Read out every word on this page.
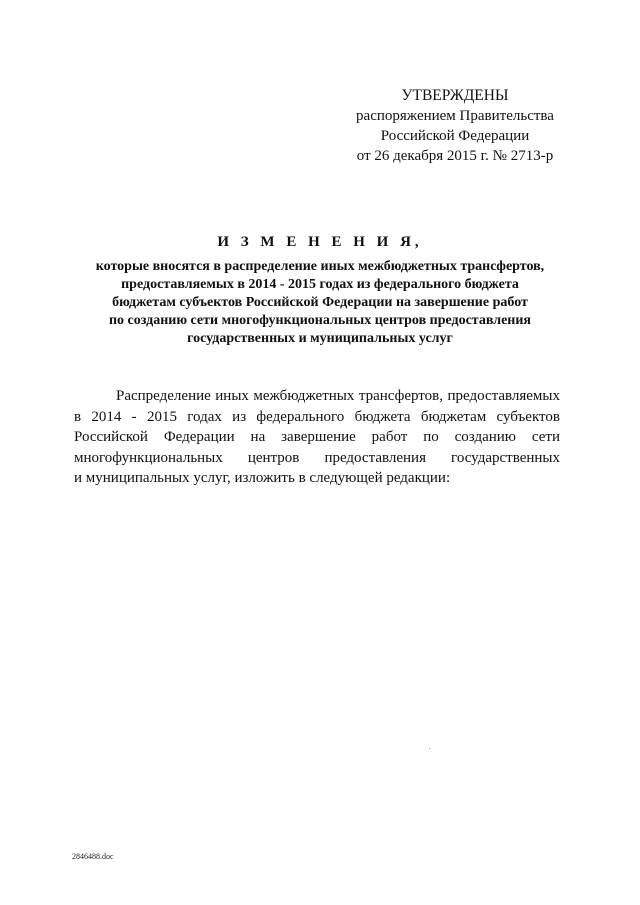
УТВЕРЖДЕНЫ
распоряжением Правительства
Российской Федерации
от 26 декабря 2015 г. № 2713-р
И З М Е Н Е Н И Я,
которые вносятся в распределение иных межбюджетных трансфертов,
предоставляемых в 2014 - 2015 годах из федерального бюджета
бюджетам субъектов Российской Федерации на завершение работ
по созданию сети многофункциональных центров предоставления
государственных и муниципальных услуг
Распределение иных межбюджетных трансфертов, предоставляемых
в 2014 - 2015 годах из федерального бюджета бюджетам субъектов
Российской Федерации на завершение работ по созданию сети
многофункциональных центров предоставления государственных
и муниципальных услуг, изложить в следующей редакции:
2846488.doc
